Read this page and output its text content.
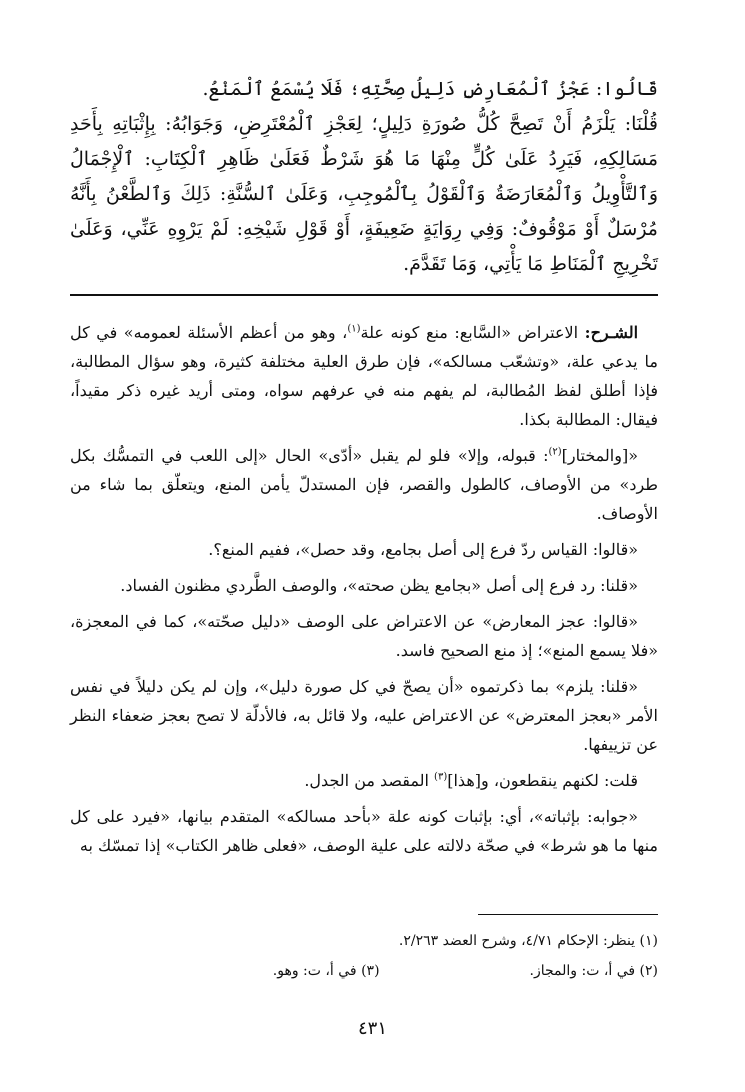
قَالُوا: عَجْزُ ٱلْمُعَارِضِ دَلِيلُ صِحَّتِهِ؛ فَلَا يُسْمَعُ ٱلْمَنْعُ.

قُلْنَا: يَلْزَمُ أَنْ تَصِحَّ كُلُّ صُورَةِ دَلِيلٍ؛ لِعَجْزِ ٱلْمُعْتَرِضِ، وَجَوَابُهُ: بِإِثْبَاتِهِ بِأَحَدِ مَسَالِكِهِ، فَيَرِدُ عَلَىٰ كُلٍّ مِنْهَا مَا هُوَ شَرْطٌ فَعَلَىٰ ظَاهِرِ ٱلْكِتَابِ: ٱلْإِجْمَالُ وَٱلتَّأْوِيلُ وَٱلْمُعَارَضَةُ وَٱلْقَوْلُ بِٱلْمُوجِبِ، وَعَلَىٰ ٱلسُّنَّةِ: ذَلِكَ وَٱلطَّعْنُ بِأَنَّهُ مُرْسَلٌ أَوْ مَوْقُوفٌ: وَفِي رِوَايَةٍ ضَعِيفَةٍ، أَوْ قَوْلِ شَيْخِهِ: لَمْ يَرْوِهِ عَنِّي، وَعَلَىٰ تَخْرِيجِ ٱلْمَنَاطِ مَا يَأْتِي، وَمَا تَقَدَّمَ.

الشـرح: الاعتراض «السَّابع: منع كونه علة$^{(١)}$، وهو من أعظم الأسئلة لعمومه» في كل ما يدعي علة، «وتشعّب مسالكه»، فإن طرق العلية مختلفة كثيرة، وهو سؤال المطالبة، فإذا أطلق لفظ المُطالبة، لم يفهم منه في عرفهم سواه، ومتى أريد غيره ذكر مقيداً، فيقال: المطالبة بكذا.

«[والمختار]$^{(٢)}$: قبوله، وإلا» فلو لم يقبل «أدّى» الحال «إلى اللعب في التمسُّك بكل طرد» من الأوصاف، كالطول والقصر، فإن المستدلّ يأمن المنع، ويتعلّق بما شاء من الأوصاف.

«قالوا: القياس ردّ فرع إلى أصل بجامع، وقد حصل»، ففيم المنع؟.

«قلنا: رد فرع إلى أصل «بجامع يظن صحته»، والوصف الطَّردي مظنون الفساد.

«قالوا: عجز المعارض» عن الاعتراض على الوصف «دليل صحّته»، كما في المعجزة، «فلا يسمع المنع»؛ إذ منع الصحيح فاسد.

«قلنا: يلزم» بما ذكرتموه «أن يصحّ في كل صورة دليل»، وإن لم يكن دليلاً في نفس الأمر «بعجز المعترض» عن الاعتراض عليه، ولا قائل به، فالأدلّة لا تصح بعجز ضعفاء النظر عن تزييفها.

قلت: لكنهم ينقطعون، و[هذا]$^{(٣)}$ المقصد من الجدل.

«جوابه: بإثباته»، أي: بإثبات كونه علة «بأحد مسالكه» المتقدم بيانها، «فيرد على كل منها ما هو شرط» في صحّة دلالته على علية الوصف، «فعلى ظاهر الكتاب» إذا تمسّك به

(١) ينظر: الإحكام ٤/٧١، وشرح العضد ٢/٢٦٣.
(٢) في أ، ت: والمجاز.
(٣) في أ، ت: وهو.
٤٣١
